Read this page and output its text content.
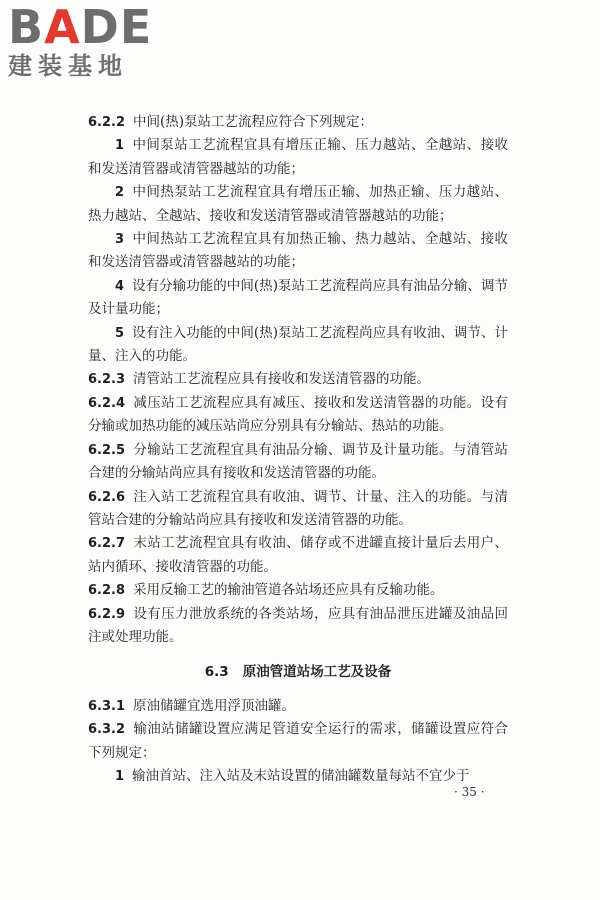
BADE
建装基地

6.2.2 中间(热)泵站工艺流程应符合下列规定：

1 中间泵站工艺流程宜具有增压正输、压力越站、全越站、接收和发送清管器或清管器越站的功能；

2 中间热泵站工艺流程宜具有增压正输、加热正输、压力越站、热力越站、全越站、接收和发送清管器或清管器越站的功能；

3 中间热站工艺流程宜具有加热正输、热力越站、全越站、接收和发送清管器或清管器越站的功能；

4 设有分输功能的中间(热)泵站工艺流程尚应具有油品分输、调节及计量功能；

5 设有注入功能的中间(热)泵站工艺流程尚应具有收油、调节、计量、注入的功能。

6.2.3 清管站工艺流程应具有接收和发送清管器的功能。

6.2.4 减压站工艺流程应具有减压、接收和发送清管器的功能。设有分输或加热功能的减压站尚应分别具有分输站、热站的功能。

6.2.5 分输站工艺流程宜具有油品分输、调节及计量功能。与清管站合建的分输站尚应具有接收和发送清管器的功能。

6.2.6 注入站工艺流程宜具有收油、调节、计量、注入的功能。与清管站合建的分输站尚应具有接收和发送清管器的功能。

6.2.7 末站工艺流程宜具有收油、储存或不进罐直接计量后去用户、站内循环、接收清管器的功能。

6.2.8 采用反输工艺的输油管道各站场还应具有反输功能。

6.2.9 设有压力泄放系统的各类站场，应具有油品泄压进罐及油品回注或处理功能。

6.3 原油管道站场工艺及设备

6.3.1 原油储罐宜选用浮顶油罐。

6.3.2 输油站储罐设置应满足管道安全运行的需求，储罐设置应符合下列规定：

1 输油首站、注入站及末站设置的储油罐数量每站不宜少于

· 35 ·
